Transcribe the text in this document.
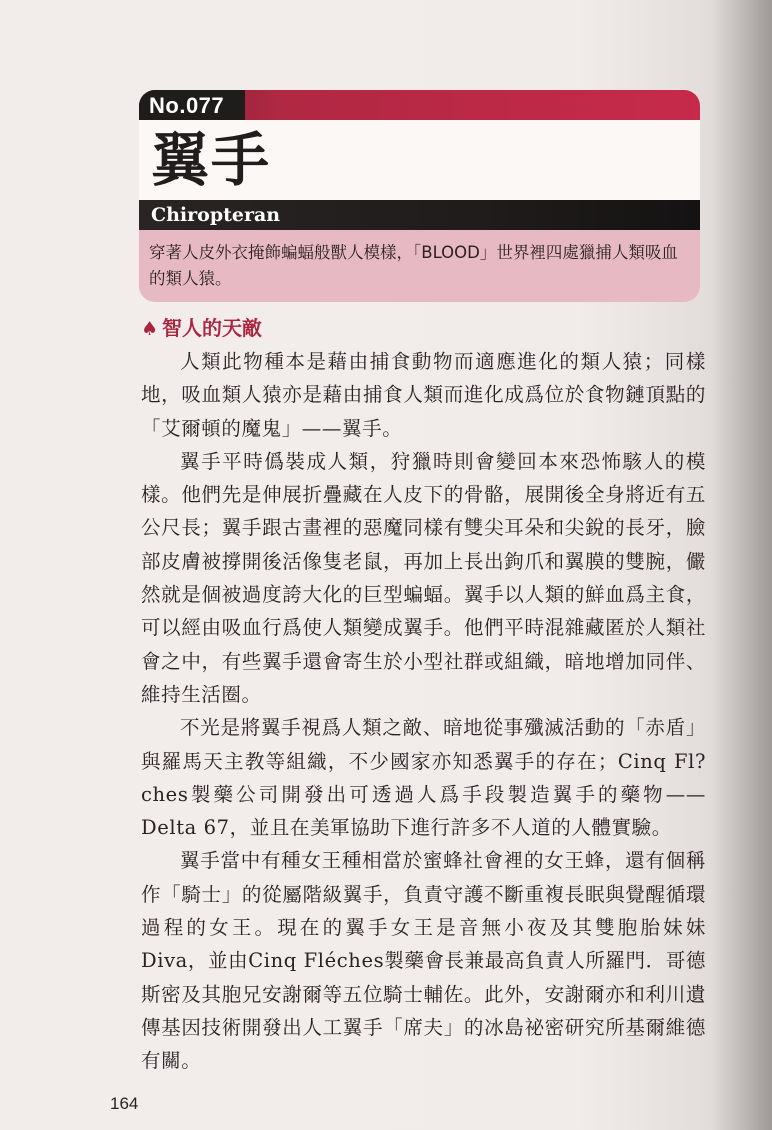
No.077
翼手
Chiropteran
穿著人皮外衣掩飾蝙蝠般獸人模樣，「BLOOD」世界裡四處獵捕人類吸血的類人猿。
♠ 智人的天敵

人類此物種本是藉由捕食動物而適應進化的類人猿；同樣地，吸血類人猿亦是藉由捕食人類而進化成爲位於食物鏈頂點的「艾爾頓的魔鬼」——翼手。

翼手平時僞裝成人類，狩獵時則會變回本來恐怖駭人的模樣。他們先是伸展折疊藏在人皮下的骨骼，展開後全身將近有五公尺長；翼手跟古畫裡的惡魔同樣有雙尖耳朵和尖銳的長牙，臉部皮膚被撐開後活像隻老鼠，再加上長出鉤爪和翼膜的雙腕，儼然就是個被過度誇大化的巨型蝙蝠。翼手以人類的鮮血爲主食，可以經由吸血行爲使人類變成翼手。他們平時混雜藏匿於人類社會之中，有些翼手還會寄生於小型社群或組織，暗地增加同伴、維持生活圈。

不光是將翼手視爲人類之敵、暗地從事殲滅活動的「赤盾」與羅馬天主教等組織，不少國家亦知悉翼手的存在；Cinq Fl?ches製藥公司開發出可透過人爲手段製造翼手的藥物——Delta 67，並且在美軍協助下進行許多不人道的人體實驗。

翼手當中有種女王種相當於蜜蜂社會裡的女王蜂，還有個稱作「騎士」的從屬階級翼手，負責守護不斷重複長眠與覺醒循環過程的女王。現在的翼手女王是音無小夜及其雙胞胎妹妹Diva，並由Cinq Fléches製藥會長兼最高負責人所羅門．哥德斯密及其胞兄安謝爾等五位騎士輔佐。此外，安謝爾亦和利川遺傳基因技術開發出人工翼手「席夫」的冰島祕密研究所基爾維德有關。

164
